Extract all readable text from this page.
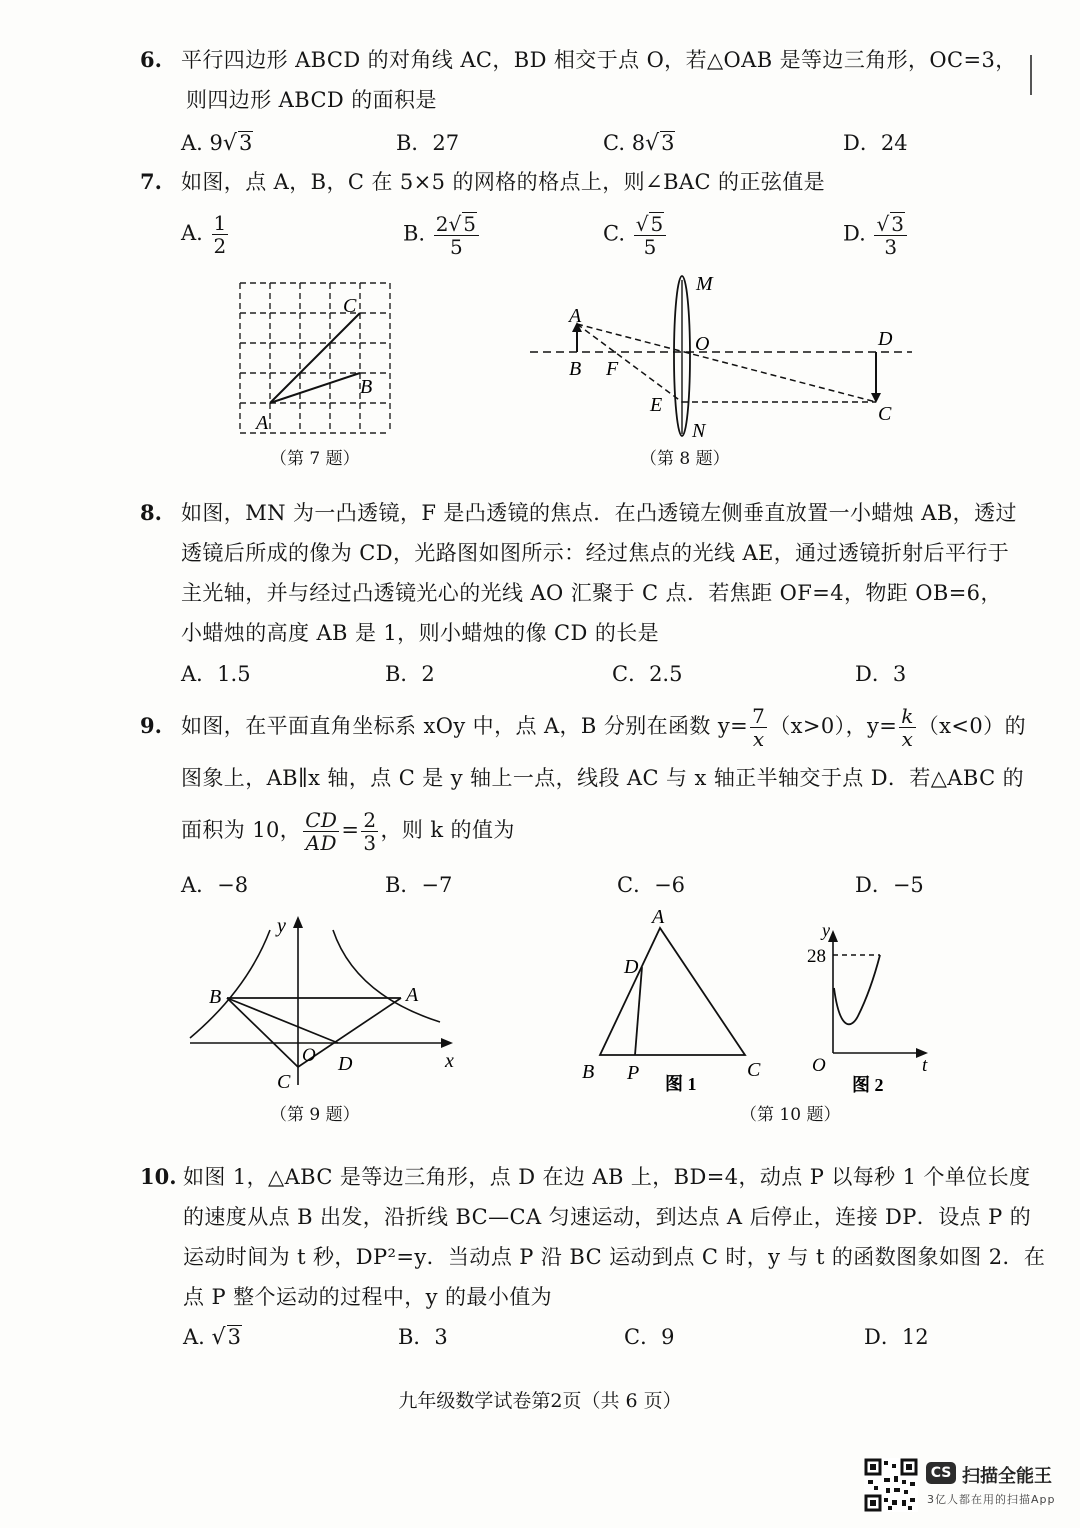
6. 平行四边形 ABCD 的对角线 AC，BD 相交于点 O，若△OAB 是等边三角形，OC=3，
则四边形 ABCD 的面积是
A. 9√3	B．27	C. 8√3	D．24
7. 如图，点 A，B，C 在 5×5 的网格的格点上，则∠BAC 的正弦值是
A. $\frac{1}{2}$	B. $\frac{2√ 5}{5}$	C. $\frac{√ 5}{5}$	D. $\frac{√ 3}{3}$
C
B
A
（第 7 题）
M
N
O	D
A
B F
E	C
（第 8 题）
8. 如图，MN 为一凸透镜，F 是凸透镜的焦点．在凸透镜左侧垂直放置一小蜡烛 AB，透过
透镜后所成的像为 CD，光路图如图所示：经过焦点的光线 AE，通过透镜折射后平行于
主光轴，并与经过凸透镜光心的光线 AO 汇聚于 C 点．若焦距 OF=4，物距 OB=6，
小蜡烛的高度 AB 是 1，则小蜡烛的像 CD 的长是
A．1.5	B．2	C．2.5	D．3
9. 如图，在平面直角坐标系 xOy 中，点 A，B 分别在函数 $y= \frac{7}{x} (x>0)$，$y= \frac{k}{x} (x<0)$的
图象上，AB∥x 轴，点 C 是 y 轴上一点，线段 AC 与 x 轴正半轴交于点 D．若△ABC 的
面积为 10， $\frac{CD}{AD} = \frac{2}{3}$ ，则 k 的值为
A．−8	B．−7	C．−6	D．−5
y
x
B	A
O D
C
（第 9 题）
A
D
B P	C
图 1
y
28
O	t
图 2
（第 10 题）
10. 如图 1，△ABC 是等边三角形，点 D 在边 AB 上，BD=4，动点 P 以每秒 1 个单位长度
的速度从点 B 出发，沿折线 BC—CA 匀速运动，到达点 A 后停止，连接 DP．设点 P 的
运动时间为 t 秒，DP²=y．当动点 P 沿 BC 运动到点 C 时，y 与 t 的函数图象如图 2．在
点 P 整个运动的过程中，y 的最小值为
A. √3	B．3	C．9	D．12
九年级数学试卷第2页（共 6 页）
CS 扫描全能王
3亿人都在用的扫描App
